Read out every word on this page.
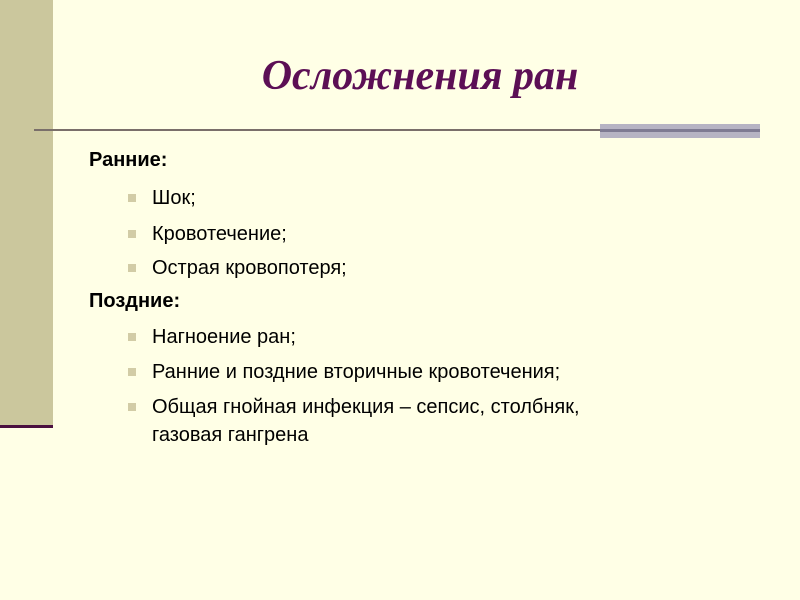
Осложнения ран
Ранние:
Шок;
Кровотечение;
Острая кровопотеря;
Поздние:
Нагноение ран;
Ранние и поздние вторичные кровотечения;
Общая гнойная инфекция – сепсис, столбняк,
газовая гангрена
